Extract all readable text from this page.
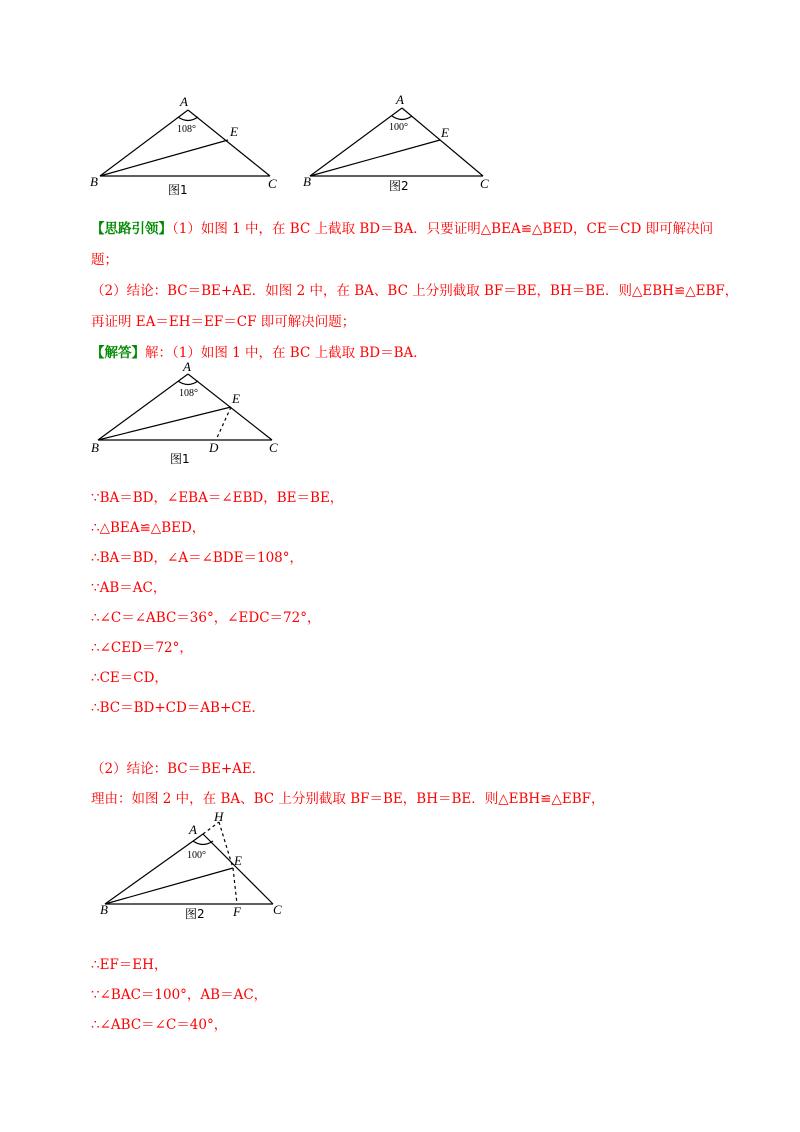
A
B	C
E
108°
图1
A
B	C
E
100°
图2
【思路引领】（1）如图 1 中，在 BC 上截取 BD＝BA．只要证明△BEA≌△BED，CE＝CD 即可解决问
题；
（2）结论：BC＝BE+AE．如图 2 中，在 BA、BC 上分别截取 BF＝BE，BH＝BE．则△EBH≌△EBF，
再证明 EA＝EH＝EF＝CF 即可解决问题；
【解答】解：（1）如图 1 中，在 BC 上截取 BD＝BA．
A
B	C
E
D
108°
图1
∵BA＝BD，∠EBA＝∠EBD，BE＝BE，
∴△BEA≌△BED，
∴BA＝BD，∠A＝∠BDE＝108°，
∵AB＝AC，
∴∠C＝∠ABC＝36°，∠EDC＝72°，
∴∠CED＝72°，
∴CE＝CD，
∴BC＝BD+CD＝AB+CE．
（2）结论：BC＝BE+AE．
理由：如图 2 中，在 BA、BC 上分别截取 BF＝BE，BH＝BE．则△EBH≌△EBF，
A
H
B	C
E
F
100°
图2
∴EF＝EH，
∵∠BAC＝100°，AB＝AC，
∴∠ABC＝∠C＝40°，
